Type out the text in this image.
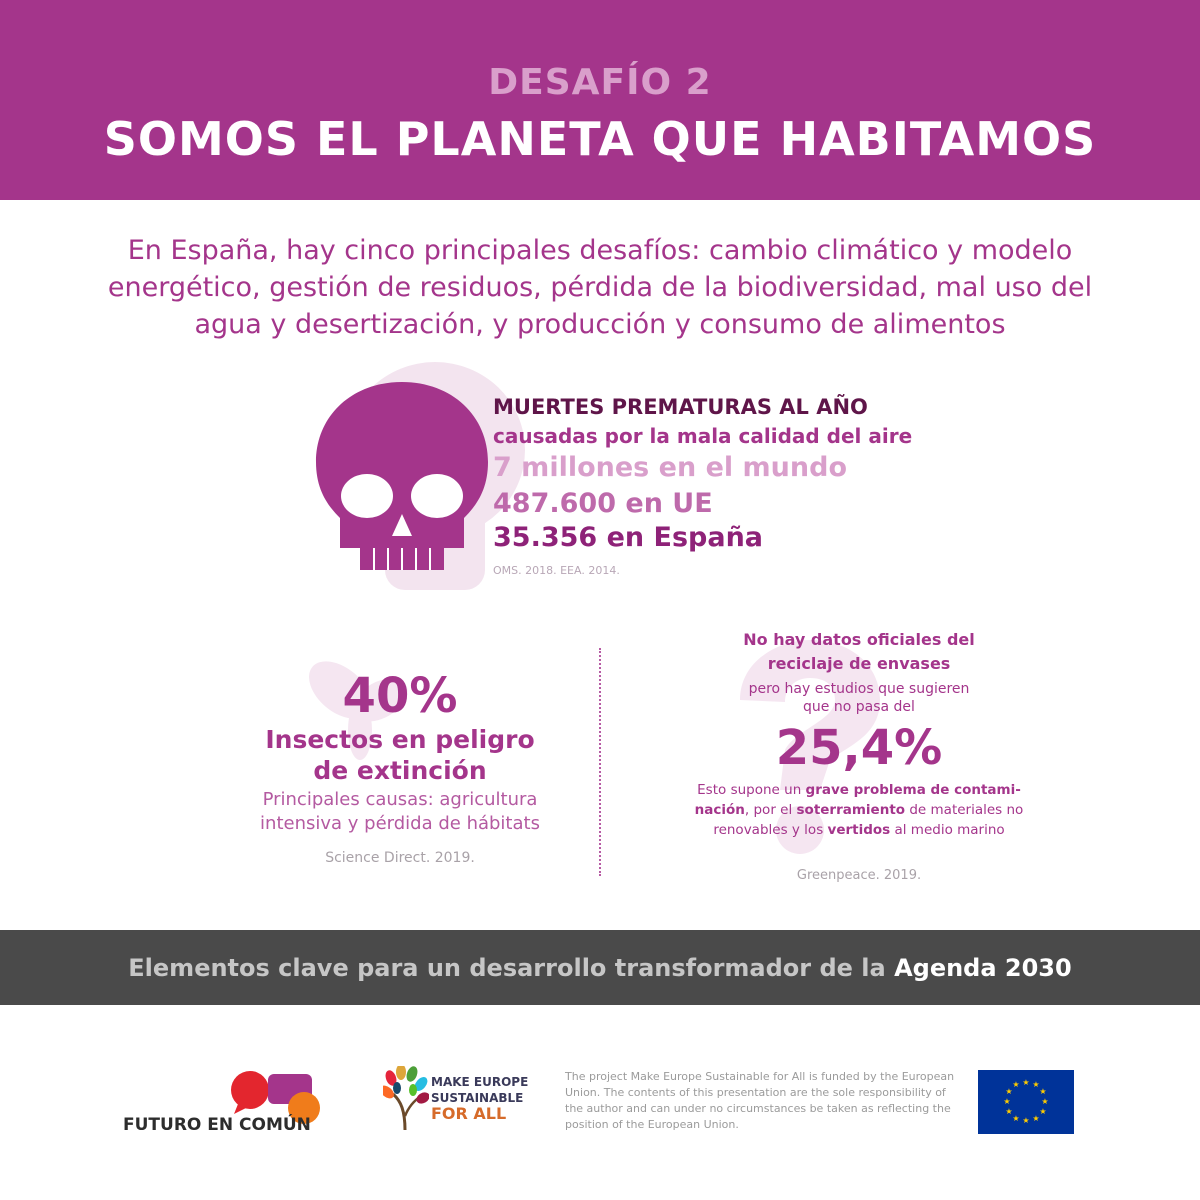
DESAFÍO 2
SOMOS EL PLANETA QUE HABITAMOS
En España, hay cinco principales desafíos: cambio climático y modelo energético, gestión de residuos, pérdida de la biodiversidad, mal uso del agua y desertización, y producción y consumo de alimentos
MUERTES PREMATURAS AL AÑO
causadas por la mala calidad del aire
7 millones en el mundo
487.600 en UE
35.356 en España
OMS. 2018. EEA. 2014.
40%
Insectos en peligro
de extinción
Principales causas: agricultura
intensiva y pérdida de hábitats
Science Direct. 2019.
No hay datos oficiales del
reciclaje de envases
pero hay estudios que sugieren
que no pasa del
25,4%
Esto supone un grave problema de contami-
nación, por el soterramiento de materiales no
renovables y los vertidos al medio marino
Greenpeace. 2019.
Elementos clave para un desarrollo transformador de la Agenda 2030
FUTURO EN COMÚN
MAKE EUROPE
SUSTAINABLE
FOR ALL
The project Make Europe Sustainable for All is funded by the European Union. The contents of this presentation are the sole responsibility of the author and can under no circumstances be taken as reflecting the position of the European Union.
★ ★
★
★
★
★
★
★
★
★
★
★
